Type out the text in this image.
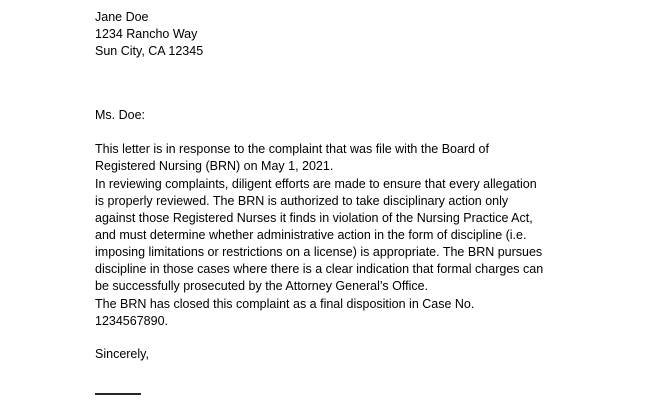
Jane Doe
1234 Rancho Way
Sun City, CA 12345
Ms. Doe:
This letter is in response to the complaint that was file with the Board of
Registered Nursing (BRN) on May 1, 2021.
In reviewing complaints, diligent efforts are made to ensure that every allegation
is properly reviewed. The BRN is authorized to take disciplinary action only
against those Registered Nurses it finds in violation of the Nursing Practice Act,
and must determine whether administrative action in the form of discipline (i.e.
imposing limitations or restrictions on a license) is appropriate. The BRN pursues
discipline in those cases where there is a clear indication that formal charges can
be successfully prosecuted by the Attorney General’s Office.
The BRN has closed this complaint as a final disposition in Case No.
1234567890.
Sincerely,
